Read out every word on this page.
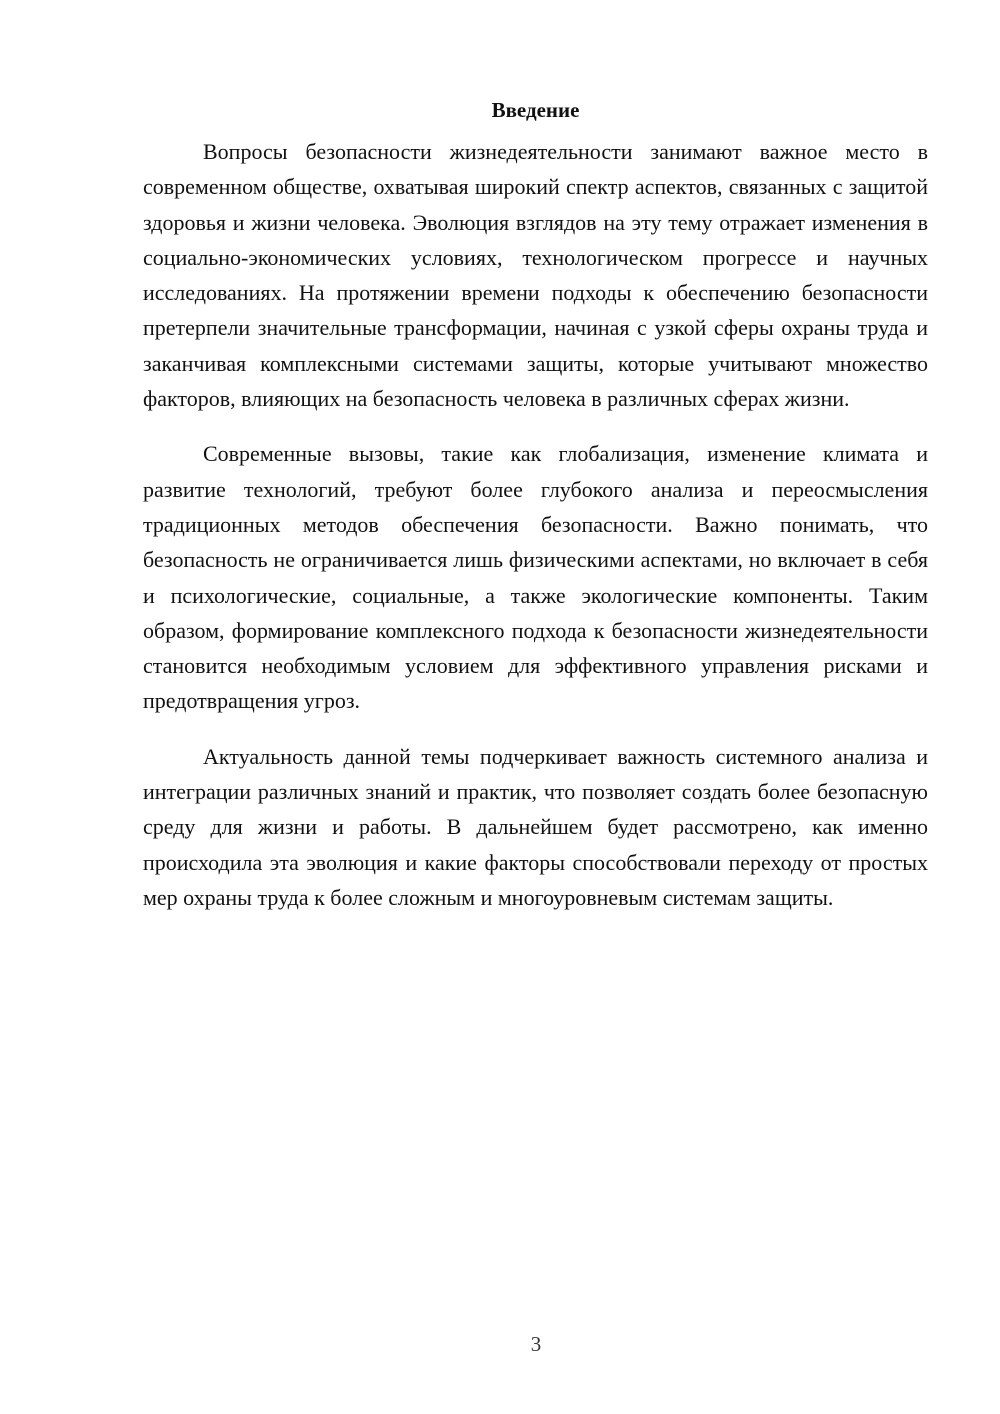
Введение

Вопросы безопасности жизнедеятельности занимают важное место в современном обществе, охватывая широкий спектр аспектов, связанных с защитой здоровья и жизни человека. Эволюция взглядов на эту тему отражает изменения в социально-экономических условиях, технологическом прогрессе и научных исследованиях. На протяжении времени подходы к обеспечению безопасности претерпели значительные трансформации, начиная с узкой сферы охраны труда и заканчивая комплексными системами защиты, которые учитывают множество факторов, влияющих на безопасность человека в различных сферах жизни.

Современные вызовы, такие как глобализация, изменение климата и развитие технологий, требуют более глубокого анализа и переосмысления традиционных методов обеспечения безопасности. Важно понимать, что безопасность не ограничивается лишь физическими аспектами, но включает в себя и психологические, социальные, а также экологические компоненты. Таким образом, формирование комплексного подхода к безопасности жизнедеятельности становится необходимым условием для эффективного управления рисками и предотвращения угроз.

Актуальность данной темы подчеркивает важность системного анализа и интеграции различных знаний и практик, что позволяет создать более безопасную среду для жизни и работы. В дальнейшем будет рассмотрено, как именно происходила эта эволюция и какие факторы способствовали переходу от простых мер охраны труда к более сложным и многоуровневым системам защиты.

3
